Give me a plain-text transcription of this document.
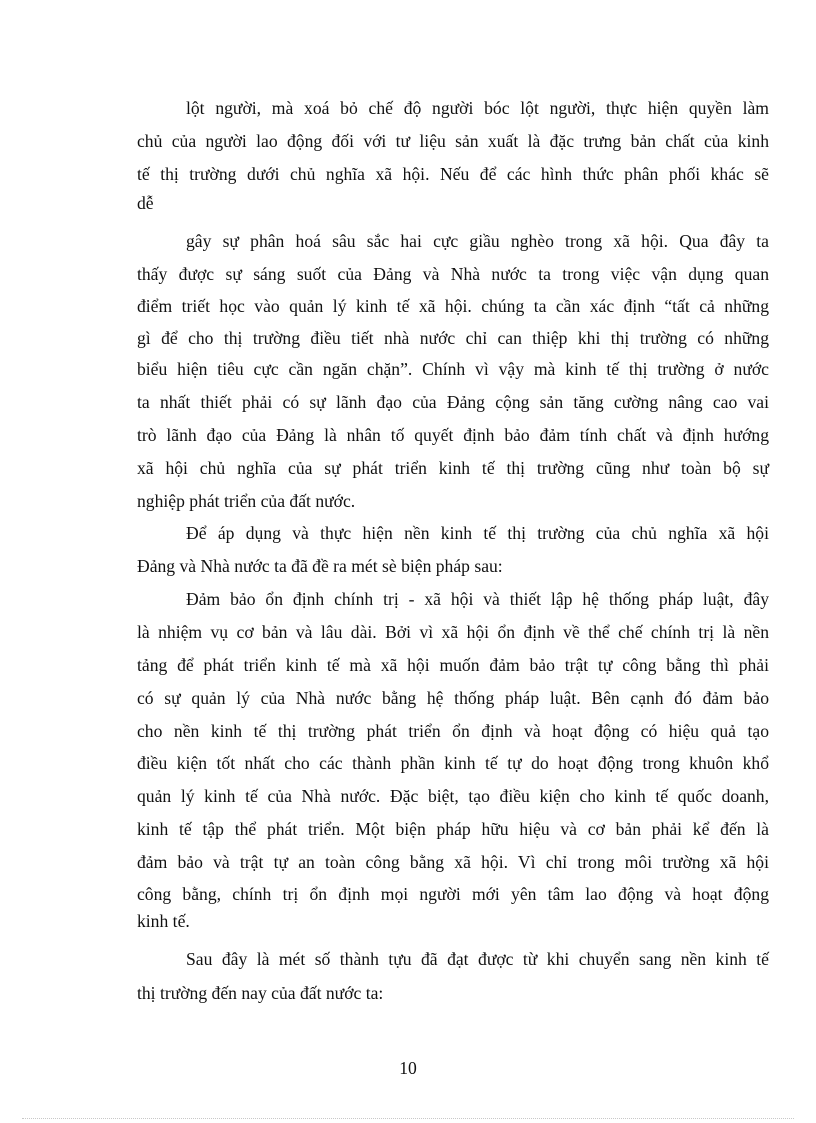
lột người, mà xoá bỏ chế độ người bóc lột người, thực hiện quyền làm
chủ của người lao động đối với tư liệu sản xuất là đặc trưng bản chất của kinh
tế thị trường dưới chủ nghĩa xã hội. Nếu để các hình thức phân phối khác sẽ
dễ
gây sự phân hoá sâu sắc hai cực giầu nghèo trong xã hội. Qua đây ta
thấy được sự sáng suốt của Đảng và Nhà nước ta trong việc vận dụng quan
điểm triết học vào quản lý kinh tế xã hội. chúng ta cần xác định “tất cả những
gì để cho thị trường điều tiết nhà nước chỉ can thiệp khi thị trường có những
biểu hiện tiêu cực cần ngăn chặn”. Chính vì vậy mà kinh tế thị trường ở nước
ta nhất thiết phải có sự lãnh đạo của Đảng cộng sản tăng cường nâng cao vai
trò lãnh đạo của Đảng là nhân tố quyết định bảo đảm tính chất và định hướng
xã hội chủ nghĩa của sự phát triển kinh tế thị trường cũng như toàn bộ sự
nghiệp phát triển của đất nước.
Để áp dụng và thực hiện nền kinh tế thị trường của chủ nghĩa xã hội
Đảng và Nhà nước ta đã đề ra mét sè biện pháp sau:
Đảm bảo ổn định chính trị - xã hội và thiết lập hệ thống pháp luật, đây
là nhiệm vụ cơ bản và lâu dài. Bởi vì xã hội ổn định về thể chế chính trị là nền
tảng để phát triển kinh tế mà xã hội muốn đảm bảo trật tự công bằng thì phải
có sự quản lý của Nhà nước bằng hệ thống pháp luật. Bên cạnh đó đảm bảo
cho nền kinh tế thị trường phát triển ổn định và hoạt động có hiệu quả tạo
điều kiện tốt nhất cho các thành phần kinh tế tự do hoạt động trong khuôn khổ
quản lý kinh tế của Nhà nước. Đặc biệt, tạo điều kiện cho kinh tế quốc doanh,
kinh tế tập thể phát triển. Một biện pháp hữu hiệu và cơ bản phải kể đến là
đảm bảo và trật tự an toàn công bằng xã hội. Vì chỉ trong môi trường xã hội
công bằng, chính trị ổn định mọi người mới yên tâm lao động và hoạt động
kinh tế.
Sau đây là mét số thành tựu đã đạt được từ khi chuyển sang nền kinh tế
thị trường đến nay của đất nước ta:
10
